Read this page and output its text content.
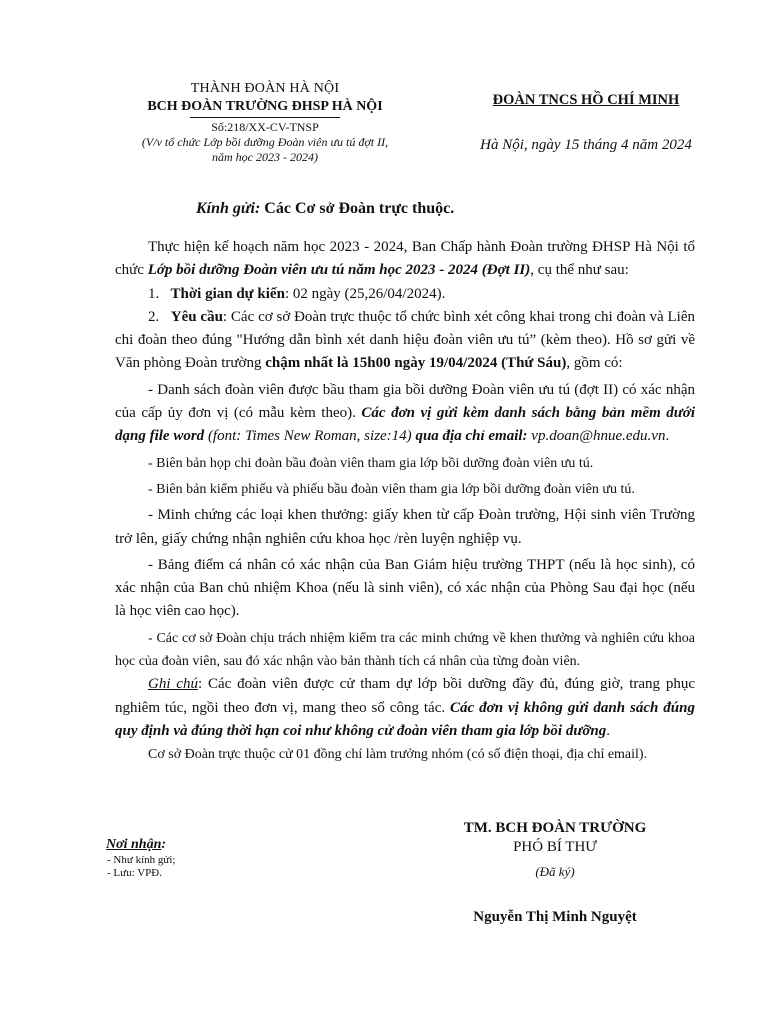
THÀNH ĐOÀN HÀ NỘI
BCH ĐOÀN TRƯỜNG ĐHSP HÀ NỘI
Số:218/XX-CV-TNSP
(V/v tổ chức Lớp bồi dưỡng Đoàn viên ưu tú đợt II,
năm học 2023 - 2024)
ĐOÀN TNCS HỒ CHÍ MINH
Hà Nội, ngày 15 tháng 4 năm 2024
Kính gửi: Các Cơ sở Đoàn trực thuộc.
Thực hiện kế hoạch năm học 2023 - 2024, Ban Chấp hành Đoàn trường ĐHSP Hà Nội tổ chức Lớp bồi dưỡng Đoàn viên ưu tú năm học 2023 - 2024 (Đợt II), cụ thể như sau:
1. Thời gian dự kiến: 02 ngày (25,26/04/2024).
2. Yêu cầu: Các cơ sở Đoàn trực thuộc tổ chức bình xét công khai trong chi đoàn và Liên chi đoàn theo đúng "Hướng dẫn bình xét danh hiệu đoàn viên ưu tú” (kèm theo). Hồ sơ gửi về Văn phòng Đoàn trường chậm nhất là 15h00 ngày 19/04/2024 (Thứ Sáu), gồm có:
- Danh sách đoàn viên được bầu tham gia bồi dưỡng Đoàn viên ưu tú (đợt II) có xác nhận của cấp ủy đơn vị (có mẫu kèm theo). Các đơn vị gửi kèm danh sách bằng bản mềm dưới dạng file word (font: Times New Roman, size:14) qua địa chỉ email: vp.doan@hnue.edu.vn.
- Biên bản họp chi đoàn bầu đoàn viên tham gia lớp bồi dưỡng đoàn viên ưu tú.
- Biên bản kiểm phiếu và phiếu bầu đoàn viên tham gia lớp bồi dưỡng đoàn viên ưu tú.
- Minh chứng các loại khen thưởng: giấy khen từ cấp Đoàn trường, Hội sinh viên Trường trở lên, giấy chứng nhận nghiên cứu khoa học /rèn luyện nghiệp vụ.
- Bảng điểm cá nhân có xác nhận của Ban Giám hiệu trường THPT (nếu là học sinh), có xác nhận của Ban chủ nhiệm Khoa (nếu là sinh viên), có xác nhận của Phòng Sau đại học (nếu là học viên cao học).
- Các cơ sở Đoàn chịu trách nhiệm kiểm tra các minh chứng về khen thưởng và nghiên cứu khoa học của đoàn viên, sau đó xác nhận vào bản thành tích cá nhân của từng đoàn viên.
Ghi chú: Các đoàn viên được cử tham dự lớp bồi dưỡng đầy đủ, đúng giờ, trang phục nghiêm túc, ngồi theo đơn vị, mang theo sổ công tác. Các đơn vị không gửi danh sách đúng quy định và đúng thời hạn coi như không cử đoàn viên tham gia lớp bồi dưỡng.
Cơ sở Đoàn trực thuộc cử 01 đồng chí làm trưởng nhóm (có số điện thoại, địa chỉ email).
Nơi nhận:
- Như kính gửi;
- Lưu: VPĐ.
TM. BCH ĐOÀN TRƯỜNG
PHÓ BÍ THƯ
(Đã ký)
Nguyễn Thị Minh Nguyệt
